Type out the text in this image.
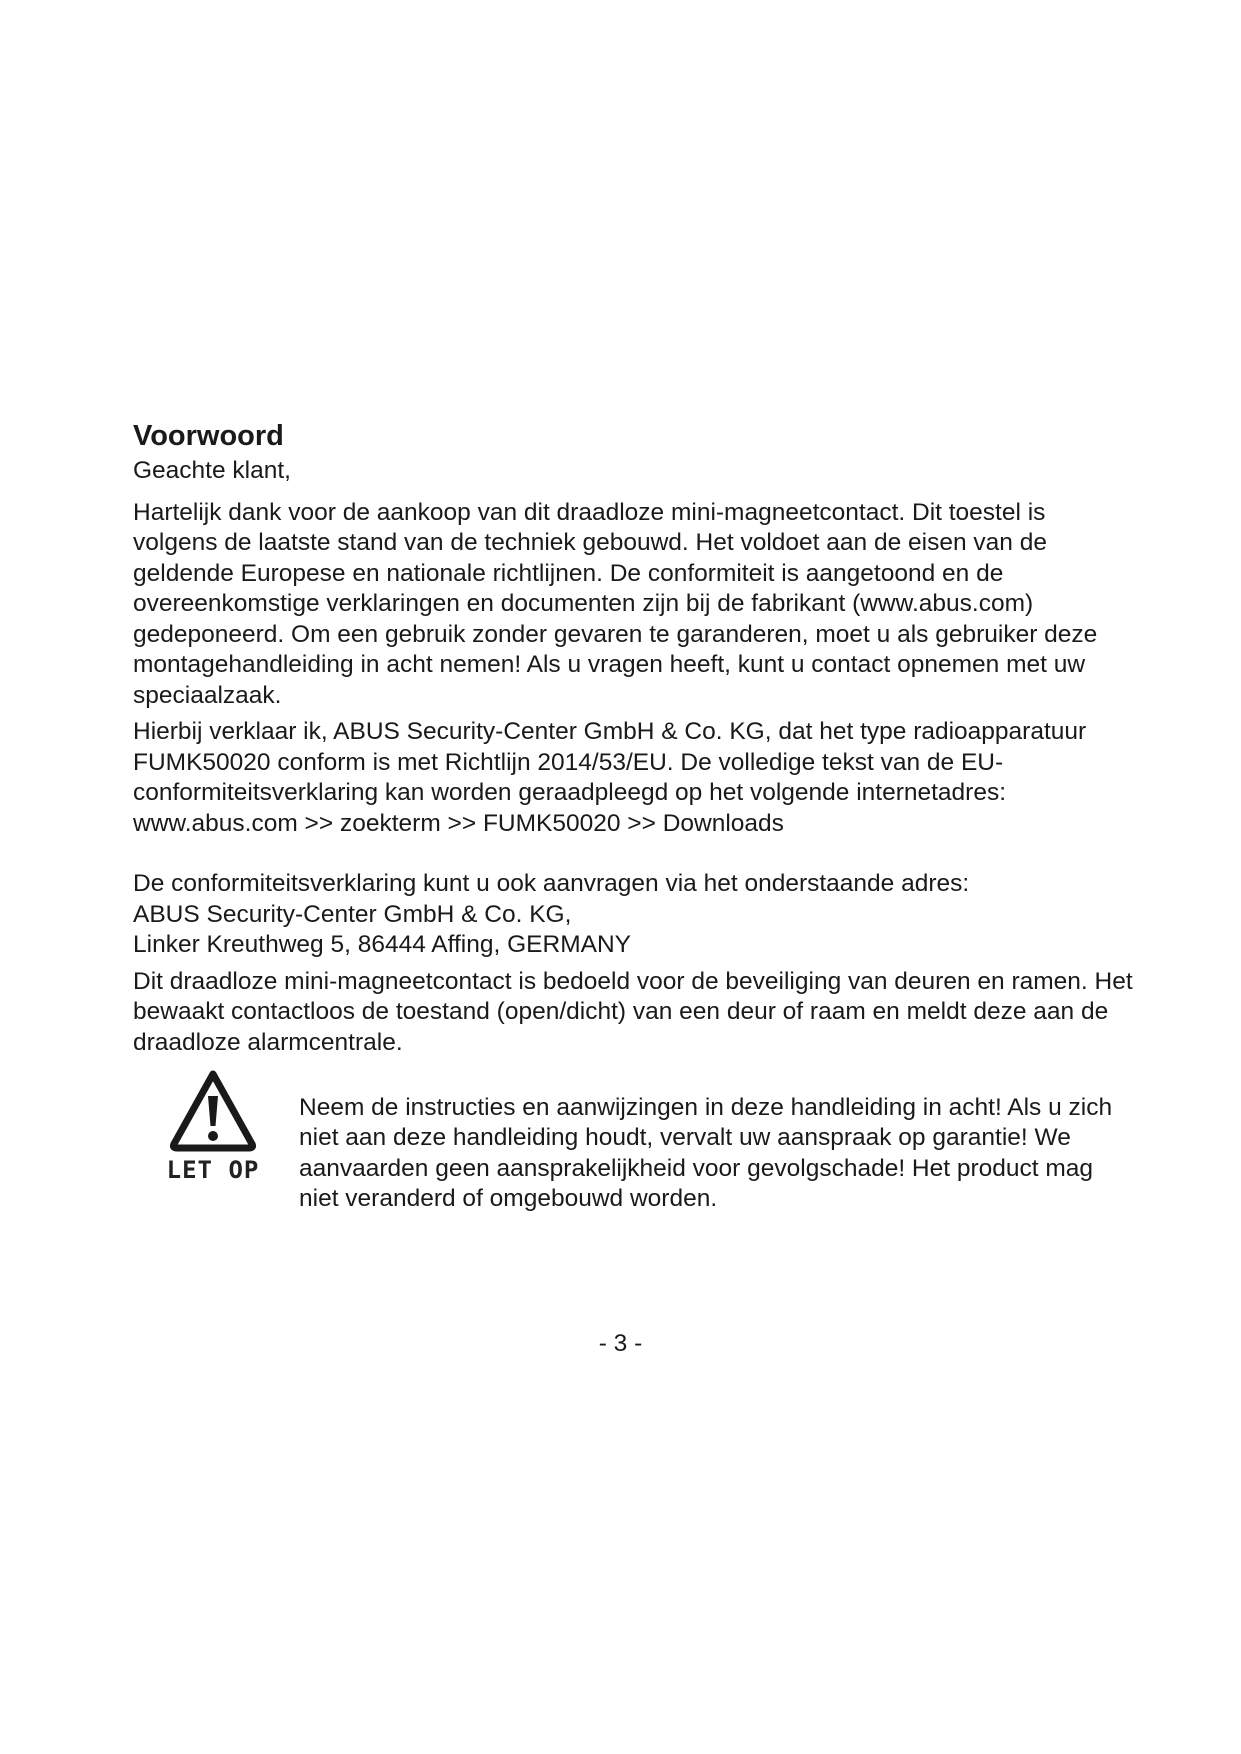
Voorwoord

Geachte klant,

Hartelijk dank voor de aankoop van dit draadloze mini-magneetcontact. Dit toestel is volgens de laatste stand van de techniek gebouwd. Het voldoet aan de eisen van de geldende Europese en nationale richtlijnen. De conformiteit is aangetoond en de overeenkomstige verklaringen en documenten zijn bij de fabrikant (www.abus.com) gedeponeerd. Om een gebruik zonder gevaren te garanderen, moet u als gebruiker deze montagehandleiding in acht nemen! Als u vragen heeft, kunt u contact opnemen met uw speciaalzaak.

Hierbij verklaar ik, ABUS Security-Center GmbH & Co. KG, dat het type radioapparatuur FUMK50020 conform is met Richtlijn 2014/53/EU. De volledige tekst van de EU-conformiteitsverklaring kan worden geraadpleegd op het volgende internetadres: www.abus.com >> zoekterm >> FUMK50020 >> Downloads

De conformiteitsverklaring kunt u ook aanvragen via het onderstaande adres:

ABUS Security-Center GmbH & Co. KG,

Linker Kreuthweg 5, 86444 Affing, GERMANY

Dit draadloze mini-magneetcontact is bedoeld voor de beveiliging van deuren en ramen. Het bewaakt contactloos de toestand (open/dicht) van een deur of raam en meldt deze aan de draadloze alarmcentrale.

LET OP

Neem de instructies en aanwijzingen in deze handleiding in acht! Als u zich niet aan deze handleiding houdt, vervalt uw aanspraak op garantie! We aanvaarden geen aansprakelijkheid voor gevolgschade! Het product mag niet veranderd of omgebouwd worden.

- 3 -
